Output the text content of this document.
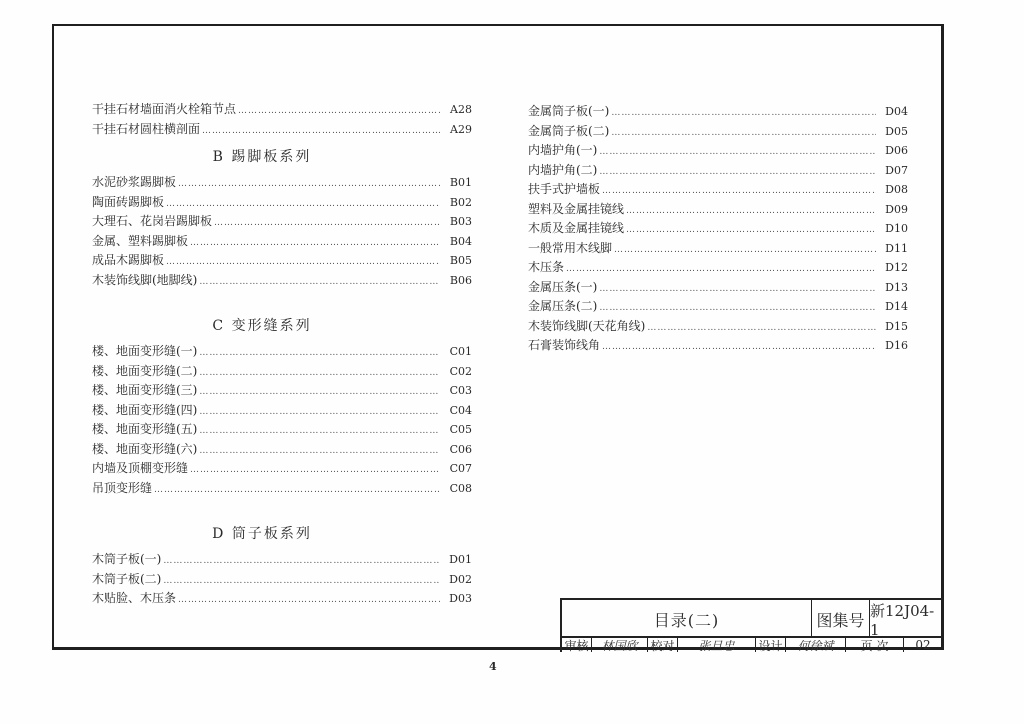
干挂石材墙面消火栓箱节点 ……………………………………………………………………………………………………………………………………………………………………………………	A28
干挂石材圆柱横剖面 ……………………………………………………………………………………………………………………………………………………………………………………	A29
B 踢脚板系列
水泥砂浆踢脚板 ……………………………………………………………………………………………………………………………………………………………………………………	B01
陶面砖踢脚板 ……………………………………………………………………………………………………………………………………………………………………………………	B02
大理石、花岗岩踢脚板 ……………………………………………………………………………………………………………………………………………………………………………………	B03
金属、塑料踢脚板 ……………………………………………………………………………………………………………………………………………………………………………………	B04
成品木踢脚板 ……………………………………………………………………………………………………………………………………………………………………………………	B05
木装饰线脚(地脚线) ……………………………………………………………………………………………………………………………………………………………………………………	B06
C 变形缝系列
楼、地面变形缝(一) ……………………………………………………………………………………………………………………………………………………………………………………	C01
楼、地面变形缝(二) ……………………………………………………………………………………………………………………………………………………………………………………	C02
楼、地面变形缝(三) ……………………………………………………………………………………………………………………………………………………………………………………	C03
楼、地面变形缝(四) ……………………………………………………………………………………………………………………………………………………………………………………	C04
楼、地面变形缝(五) ……………………………………………………………………………………………………………………………………………………………………………………	C05
楼、地面变形缝(六) ……………………………………………………………………………………………………………………………………………………………………………………	C06
内墙及顶棚变形缝 ……………………………………………………………………………………………………………………………………………………………………………………	C07
吊顶变形缝 ……………………………………………………………………………………………………………………………………………………………………………………	C08
D 筒子板系列
木筒子板(一) ……………………………………………………………………………………………………………………………………………………………………………………	D01
木筒子板(二) ……………………………………………………………………………………………………………………………………………………………………………………	D02
木贴脸、木压条 ……………………………………………………………………………………………………………………………………………………………………………………	D03
金属筒子板(一) ……………………………………………………………………………………………………………………………………………………………………………………	D04
金属筒子板(二) ……………………………………………………………………………………………………………………………………………………………………………………	D05
内墙护角(一) ……………………………………………………………………………………………………………………………………………………………………………………	D06
内墙护角(二) ……………………………………………………………………………………………………………………………………………………………………………………	D07
扶手式护墙板 ……………………………………………………………………………………………………………………………………………………………………………………	D08
塑料及金属挂镜线 ……………………………………………………………………………………………………………………………………………………………………………………	D09
木质及金属挂镜线 ……………………………………………………………………………………………………………………………………………………………………………………	D10
一般常用木线脚 ……………………………………………………………………………………………………………………………………………………………………………………	D11
木压条 ……………………………………………………………………………………………………………………………………………………………………………………	D12
金属压条(一) ……………………………………………………………………………………………………………………………………………………………………………………	D13
金属压条(二) ……………………………………………………………………………………………………………………………………………………………………………………	D14
木装饰线脚(天花角线) ……………………………………………………………………………………………………………………………………………………………………………………	D15
石膏装饰线角 ……………………………………………………………………………………………………………………………………………………………………………………	D16
目录(二)	图集号 新12J04-1
审核	林国欣	校对	张旦忠	设计	何徐斌	页 次	02
4
